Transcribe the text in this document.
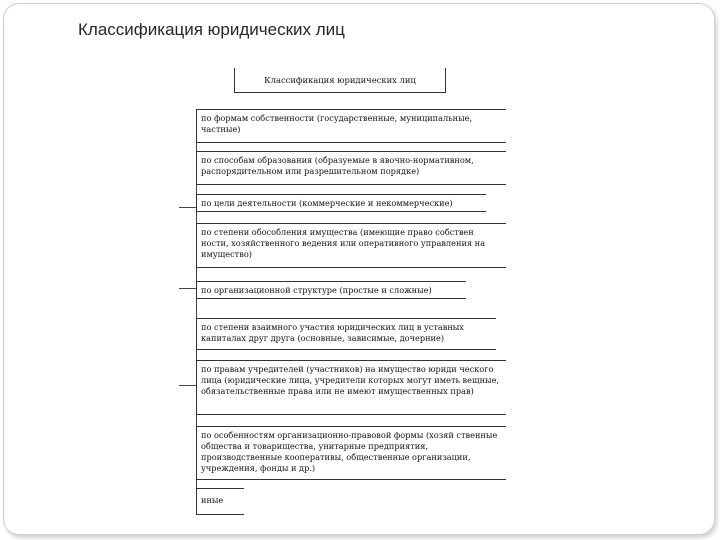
Классификация юридических лиц
Классификация юридических лиц
по формам собственности (государственные, муниципальные, частные)
по способам образования (образуемые в явочно-нормативном, распорядительном или разрешительном порядке)
по цели деятельности (коммерческие и некоммерческие)
по степени обособления имущества (имеющие право собствен ности, хозяйственного ведения или оперативного управления на имущество)
по организационной структуре (простые и сложные)
по степени взаимного участия юридических лиц в уставных капиталах друг друга (основные, зависимые, дочерние)
по правам учредителей (участников) на имущество юриди ческого лица (юридические лица, учредители которых могут иметь вещные, обязательственные права или не имеют имущественных прав)
по особенностям организационно-правовой формы (хозяй ственные общества и товарищества, унитарные предприятия, производственные кооперативы, общественные организации, учреждения, фонды и др.)
иные
